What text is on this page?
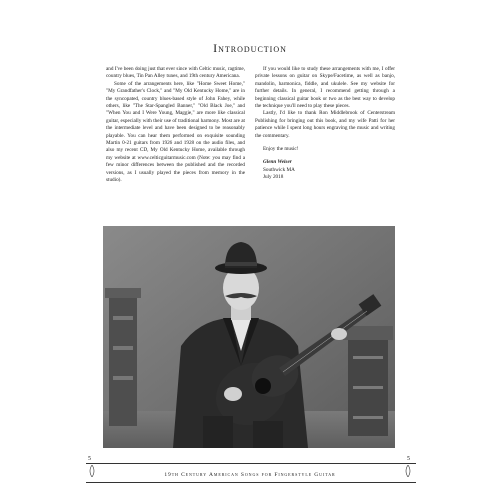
Introduction

and I've been doing just that ever since with Celtic music, ragtime, country blues, Tin Pan Alley tunes, and 19th century Americana.

Some of the arrangements here, like "Home Sweet Home," "My Grandfather's Clock," and "My Old Kentucky Home," are in the syncopated, country blues-based style of John Fahey, while others, like "The Star-Spangled Banner," "Old Black Joe," and "When You and I Were Young, Maggie," are more like classical guitar, especially with their use of traditional harmony. Most are at the intermediate level and have been designed to be reasonably playable. You can hear them performed on exquisite sounding Martin 0-21 guitars from 1926 and 1928 on the audio files, and also my recent CD, My Old Kentucky Home, available through my website at www.celticguitarmusic.com (Note: you may find a few minor differences between the published and the recorded versions, as I usually played the pieces from memory in the studio).

If you would like to study these arrangements with me, I offer private lessons on guitar on Skype/Facetime, as well as banjo, mandolin, harmonica, fiddle, and ukulele. See my website for further details. In general, I recommend getting through a beginning classical guitar book or two as the best way to develop the technique you'll need to play these pieces.

Lastly, I'd like to thank Ron Middlebrook of Centerstream Publishing for bringing out this book, and my wife Patti for her patience while I spent long hours engraving the music and writing the commentary.

Enjoy the music!

Glenn Weiser

Southwick MA

July 2018

5	5
19th Century American Songs for Fingerstyle Guitar
